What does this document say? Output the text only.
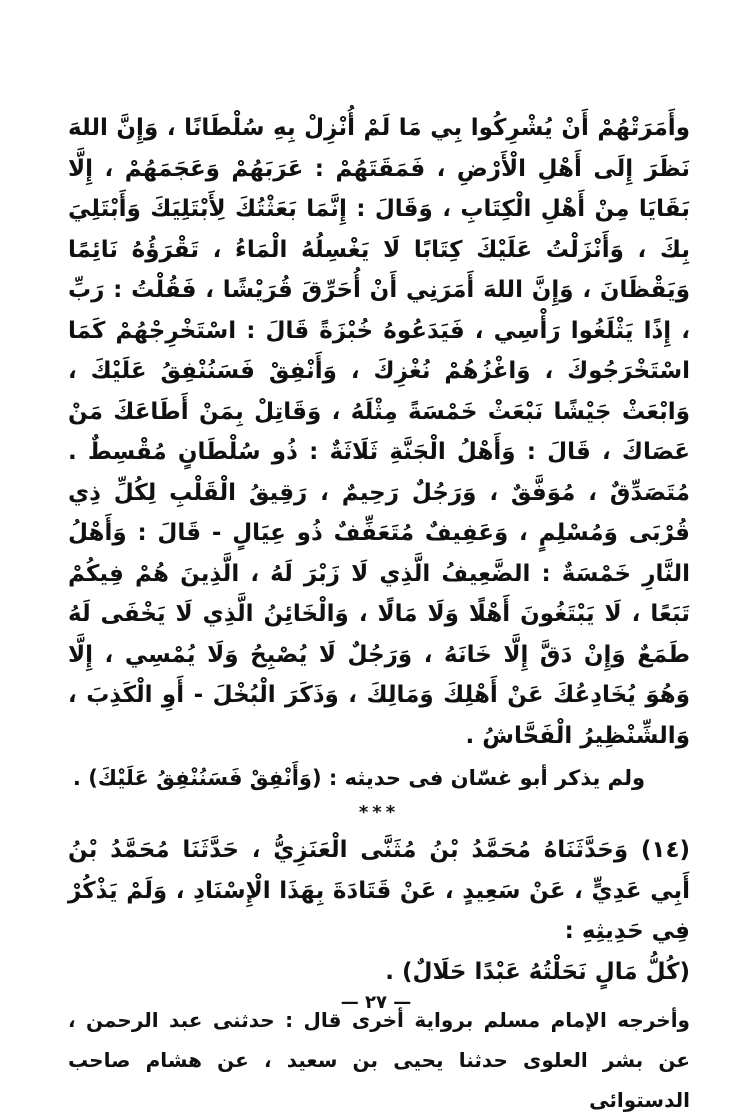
وأَمَرَتْهُمْ أَنْ يُشْرِكُوا بِي مَا لَمْ أُنْزِلْ بِهِ سُلْطَانًا ، وَإِنَّ اللهَ نَظَرَ إِلَى أَهْلِ الْأَرْضِ ، فَمَقَتَهُمْ : عَرَبَهُمْ وَعَجَمَهُمْ ، إِلَّا بَقَايَا مِنْ أَهْلِ الْكِتَابِ ، وَقَالَ : إِنَّمَا بَعَثْتُكَ لِأَبْتَلِيَكَ وَأَبْتَلِيَ بِكَ ، وَأَنْزَلْتُ عَلَيْكَ كِتَابًا لَا يَغْسِلُهُ الْمَاءُ ، تَقْرَؤُهُ نَائِمًا وَيَقْظَانَ ، وَإِنَّ اللهَ أَمَرَنِي أَنْ أُحَرِّقَ قُرَيْشًا ، فَقُلْتُ : رَبِّ ، إِذًا يَثْلَغُوا رَأْسِي ، فَيَدَعُوهُ خُبْزَةً قَالَ : اسْتَخْرِجْهُمْ كَمَا اسْتَخْرَجُوكَ ، وَاغْزُهُمْ نُغْزِكَ ، وَأَنْفِقْ فَسَنُنْفِقُ عَلَيْكَ ، وَابْعَثْ جَيْشًا نَبْعَثْ خَمْسَةً مِثْلَهُ ، وَقَاتِلْ بِمَنْ أَطَاعَكَ مَنْ عَصَاكَ ، قَالَ : وَأَهْلُ الْجَنَّةِ ثَلَاثَةٌ : ذُو سُلْطَانٍ مُقْسِطٌ . مُتَصَدِّقٌ ، مُوَفَّقٌ ، وَرَجُلٌ رَحِيمٌ ، رَقِيقُ الْقَلْبِ لِكُلِّ ذِي قُرْبَى وَمُسْلِمٍ ، وَعَفِيفٌ مُتَعَفِّفٌ ذُو عِيَالٍ - قَالَ : وَأَهْلُ النَّارِ خَمْسَةٌ : الضَّعِيفُ الَّذِي لَا زَبْرَ لَهُ ، الَّذِينَ هُمْ فِيكُمْ تَبَعًا ، لَا يَبْتَغُونَ أَهْلًا وَلَا مَالًا ، وَالْخَائِنُ الَّذِي لَا يَخْفَى لَهُ طَمَعٌ وَإِنْ دَقَّ إِلَّا خَانَهُ ، وَرَجُلٌ لَا يُصْبِحُ وَلَا يُمْسِي ، إِلَّا وَهُوَ يُخَادِعُكَ عَنْ أَهْلِكَ وَمَالِكَ ، وَذَكَرَ الْبُخْلَ - أَوِ الْكَذِبَ ، وَالشِّنْظِيرُ الْفَحَّاشُ .

ولم يذكر أبو غسّان فى حديثه : (وَأَنْفِقْ فَسَنُنْفِقُ عَلَيْكَ) .

***

(١٤) وَحَدَّثَنَاهُ مُحَمَّدُ بْنُ مُثَنَّى الْعَنَزِيُّ ، حَدَّثَنَا مُحَمَّدُ بْنُ أَبِي عَدِيٍّ ، عَنْ سَعِيدٍ ، عَنْ قَتَادَةَ بِهَذَا الْإِسْنَادِ ، وَلَمْ يَذْكُرْ فِي حَدِيثِهِ :

(كُلُّ مَالٍ نَحَلْتُهُ عَبْدًا حَلَالٌ) .

وأخرجه الإمام مسلم برواية أخرى قال : حدثنى عبد الرحمن ، عن بشر العلوى حدثنا يحيى بن سعيد ، عن هشام صاحب الدستوائى

— ٢٧ —
